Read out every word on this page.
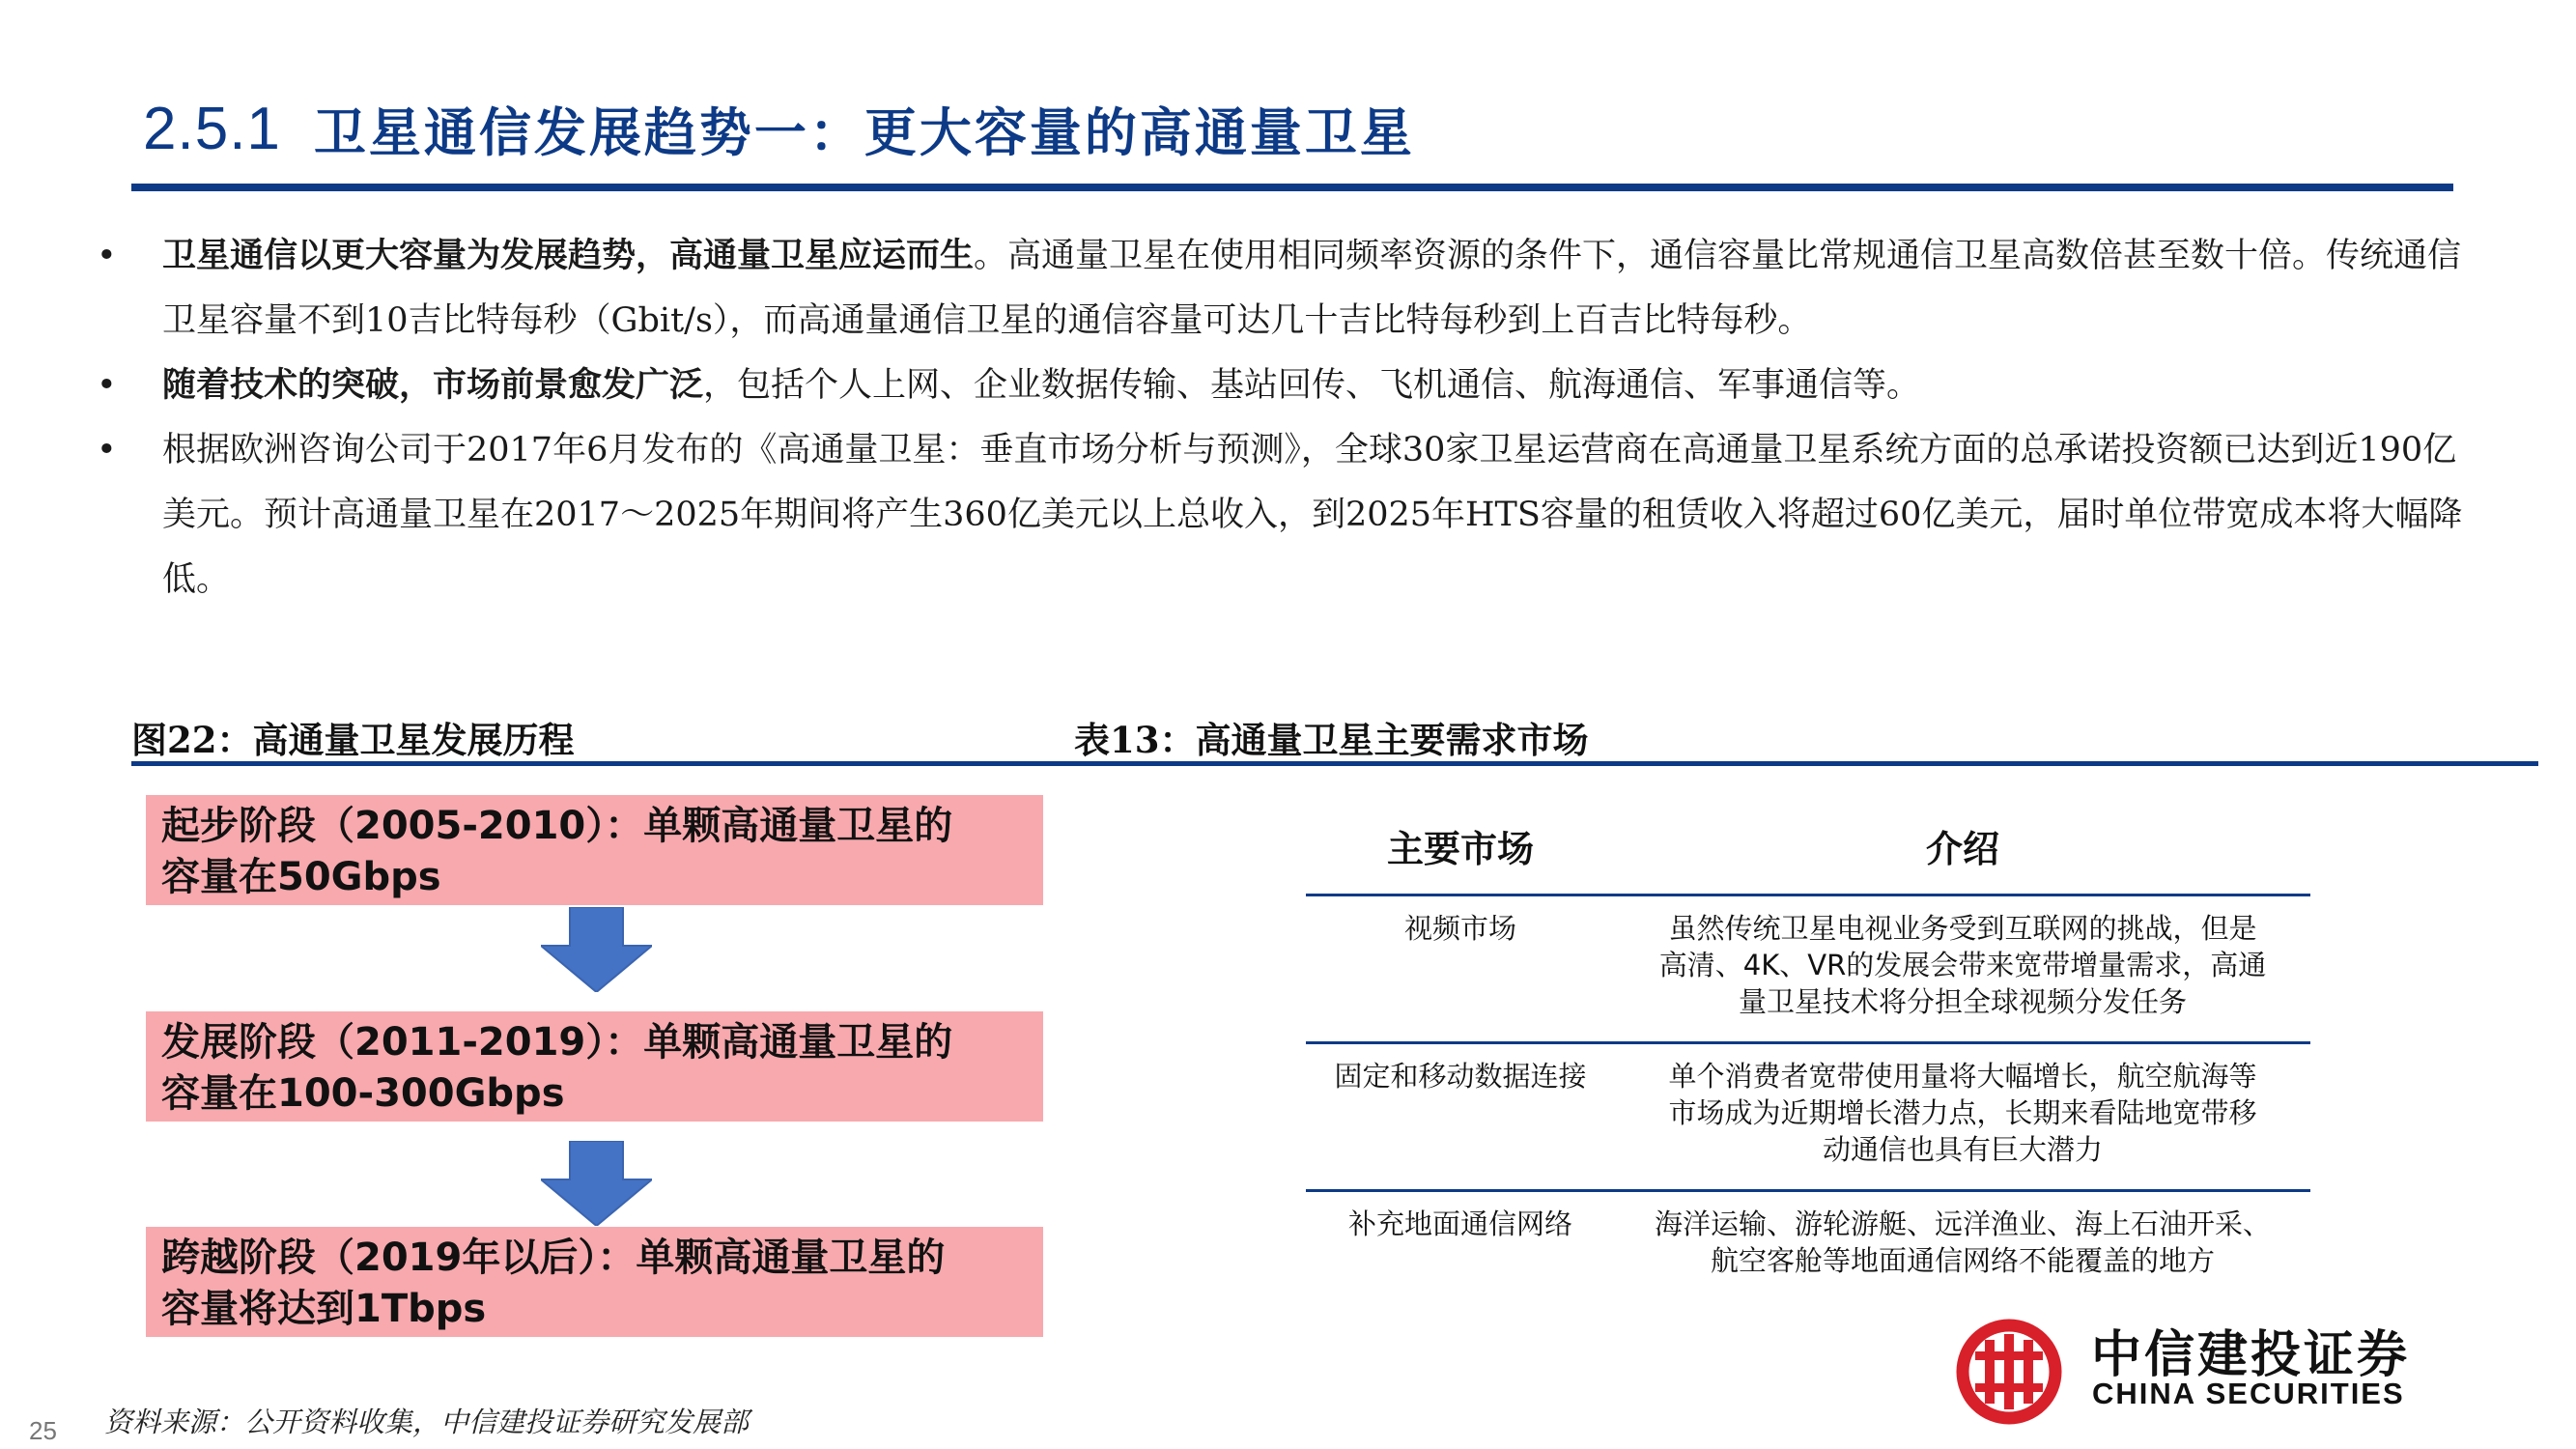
2.5.1 卫星通信发展趋势一：更大容量的高通量卫星
•	卫星通信以更大容量为发展趋势，高通量卫星应运而生。高通量卫星在使用相同频率资源的条件下，通信容量比常规通信卫星高数倍甚至数十倍。传统通信卫星容量不到10吉比特每秒（Gbit/s），而高通量通信卫星的通信容量可达几十吉比特每秒到上百吉比特每秒。
•	随着技术的突破，市场前景愈发广泛，包括个人上网、企业数据传输、基站回传、飞机通信、航海通信、军事通信等。
•	根据欧洲咨询公司于2017年6月发布的《高通量卫星：垂直市场分析与预测》，全球30家卫星运营商在高通量卫星系统方面的总承诺投资额已达到近190亿美元。预计高通量卫星在2017～2025年期间将产生360亿美元以上总收入，到2025年HTS容量的租赁收入将超过60亿美元，届时单位带宽成本将大幅降低。
图22：高通量卫星发展历程	表13：高通量卫星主要需求市场
起步阶段（2005-2010）：单颗高通量卫星的
容量在50Gbps
发展阶段（2011-2019）：单颗高通量卫星的
容量在100-300Gbps
跨越阶段（2019年以后）：单颗高通量卫星的
容量将达到1Tbps
主要市场	介绍
视频市场	虽然传统卫星电视业务受到互联网的挑战，但是
高清、4K、VR的发展会带来宽带增量需求，高通
量卫星技术将分担全球视频分发任务
固定和移动数据连接	单个消费者宽带使用量将大幅增长，航空航海等
市场成为近期增长潜力点，长期来看陆地宽带移
动通信也具有巨大潜力
补充地面通信网络	海洋运输、游轮游艇、远洋渔业、海上石油开采、
航空客舱等地面通信网络不能覆盖的地方
中信建投证券
CHINA SECURITIES
资料来源：公开资料收集，中信建投证券研究发展部
25
